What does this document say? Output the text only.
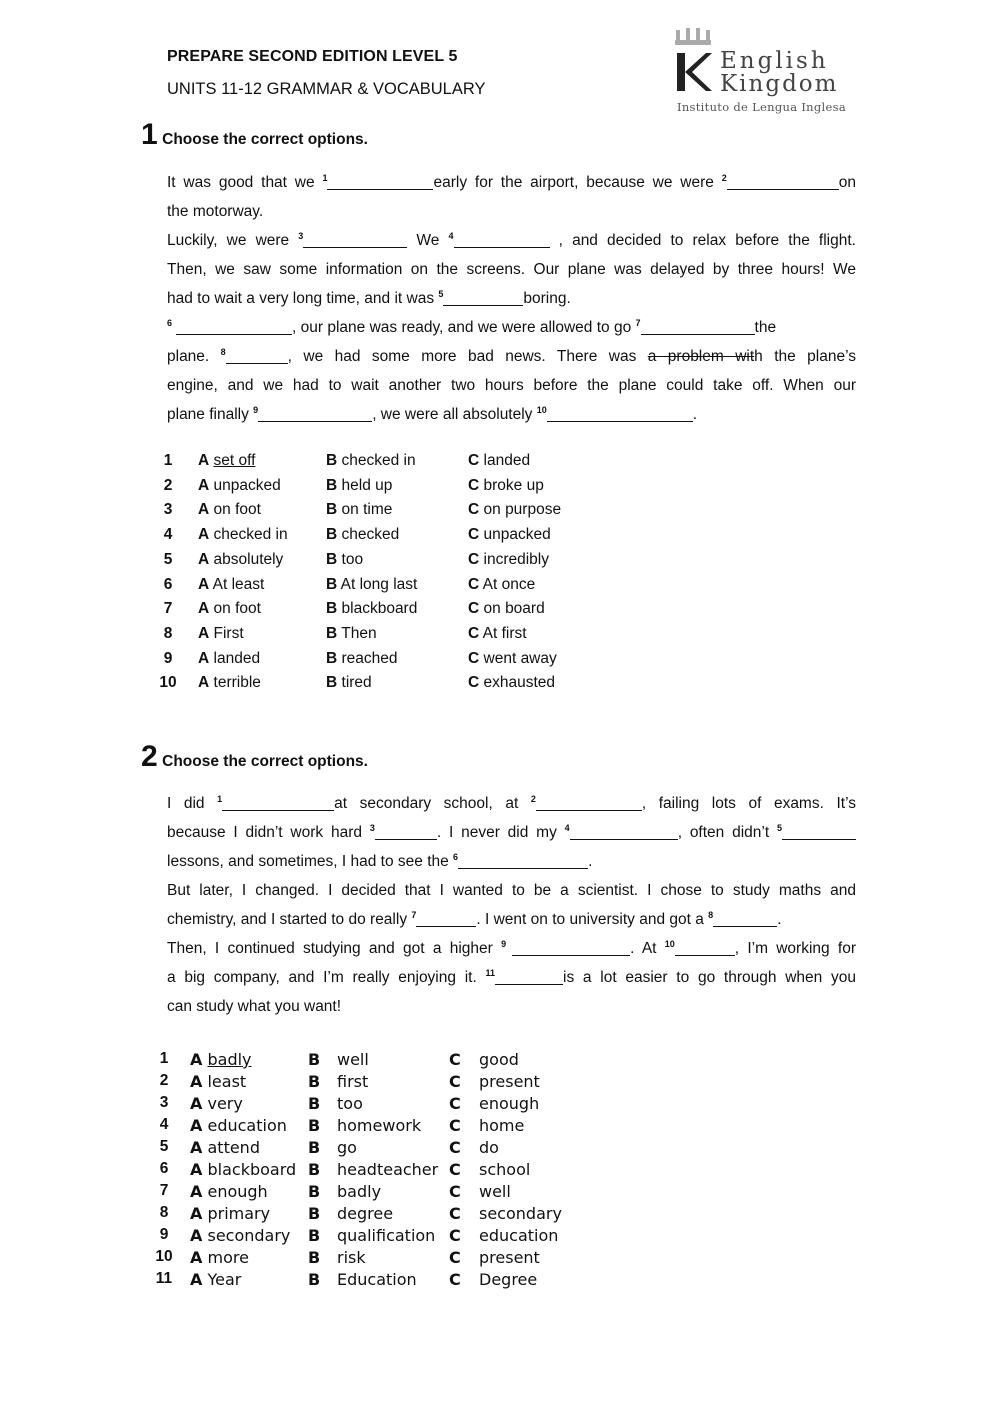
PREPARE SECOND EDITION LEVEL 5
UNITS 11-12 GRAMMAR & VOCABULARY
English
Kingdom
Instituto de Lengua Inglesa
1 Choose the correct options.
It was good that we $^1$	early for the airport, because we were $^2$	on
the motorway.
Luckily, we were $^3$	We $^4$	, and decided to relax before the flight.
Then, we saw some information on the screens. Our plane was delayed by three hours! We
had to wait a very long time, and it was $^5$	boring.
$^6$	, our plane was ready, and we were allowed to go $^7$	the
plane. $^8$	, we had some more bad news. There was a problem with the plane’s
engine, and we had to wait another two hours before the plane could take off. When our
plane finally $^9$	, we were all absolutely $^{10}$	.
1	A set off	B checked in	C landed
2	A unpacked	B held up	C broke up
3	A on foot	B on time	C on purpose
4	A checked in B checked	C unpacked
5	A absolutely	B too	C incredibly
6	A At least	B At long last	C At once
7	A on foot	B blackboard	C on board
8	A First	B Then	C At first
9	A landed	B reached	C went away
10 A terrible	B tired	C exhausted
2 Choose the correct options.
I did $^1$	at secondary school, at $^2$	, failing lots of exams. It’s
because I didn’t work hard $^3$	. I never did my $^4$	, often didn’t $^5$
lessons, and sometimes, I had to see the $^6$	.
But later, I changed. I decided that I wanted to be a scientist. I chose to study maths and
chemistry, and I started to do really $^7$	. I went on to university and got a $^8$	.
Then, I continued studying and got a higher $^9$	. At $^{10}$	, I’m working for
a big company, and I’m really enjoying it. $^{11}$	is a lot easier to go through when you
can study what you want!
1	A badly	B well	C good
2	A least	B first	C present
3	A very	B too	C enough
4	A education B homework C home
5	A attend	B go	C do
6	A blackboard B headteacher C school
7	A enough	B badly	C well
8	A primary B degree	C secondary
9	A secondary B qualification C education
10 A more	B risk	C present
11 A Year	B Education C Degree
